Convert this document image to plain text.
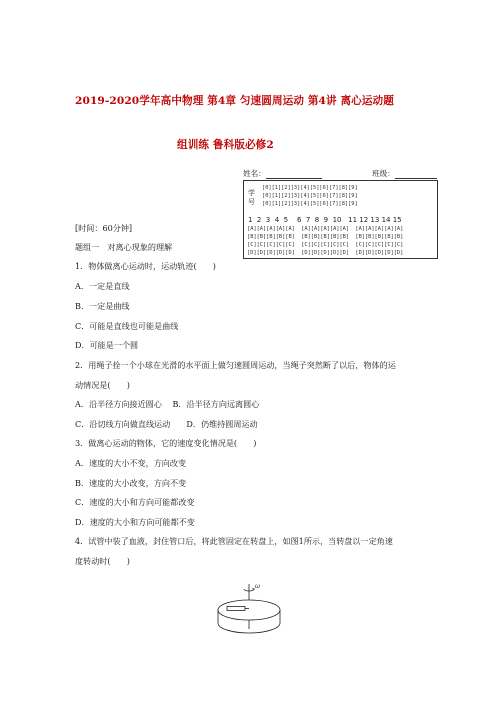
2019-2020学年高中物理 第4章 匀速圆周运动 第4讲 离心运动题
组训练 鲁科版必修2
姓名：	班级：
学
号
[0][1][2][3][4][5][6][7][8][9]
[0][1][2][3][4][5][6][7][8][9]
[0][1][2][3][4][5][6][7][8][9]
1  2  3  4  5    6  7  8  9  10   11 12 13 14 15
[A][A][A][A][A]  [A][A][A][A][A]  [A][A][A][A][A]
[B][B][B][B][B]  [B][B][B][B][B]  [B][B][B][B][B]
[C][C][C][C][C]  [C][C][C][C][C]  [C][C][C][C][C]
[D][D][D][D][D]  [D][D][D][D][D]  [D][D][D][D][D]
[时间：60分钟]
题组一　对离心现象的理解
1．物体做离心运动时，运动轨迹(　　)
A．一定是直线
B．一定是曲线
C．可能是直线也可能是曲线
D．可能是一个圆
2．用绳子拴一个小球在光滑的水平面上做匀速圆周运动，当绳子突然断了以后，物体的运
动情况是(　　)
A．沿半径方向接近圆心　 B．沿半径方向远离圆心
C．沿切线方向做直线运动　　D．仍维持圆周运动
3．做离心运动的物体，它的速度变化情况是(　　)
A．速度的大小不变，方向改变
B．速度的大小改变，方向不变
C．速度的大小和方向可能都改变
D．速度的大小和方向可能都不变
4．试管中装了血液，封住管口后，将此管固定在转盘上，如图1所示，当转盘以一定角速
度转动时(　　)
ω
